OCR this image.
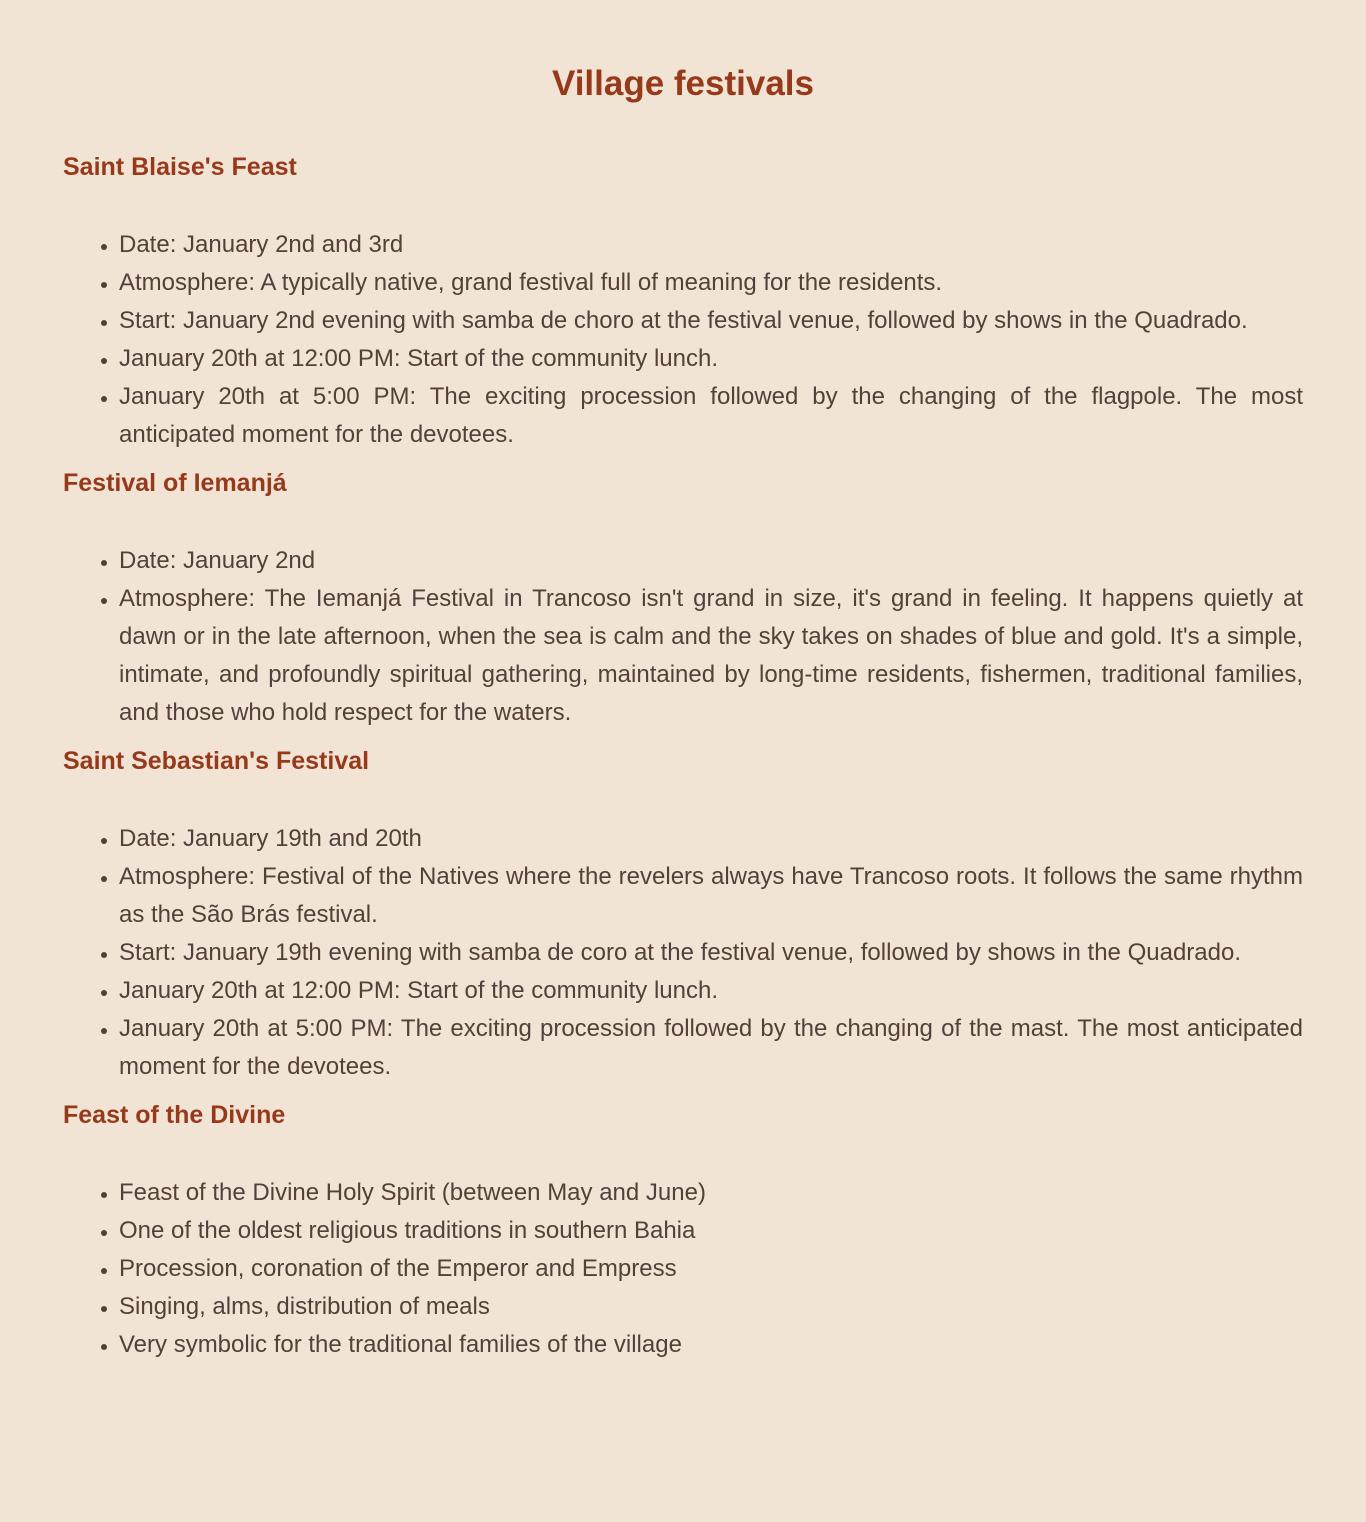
Village festivals
Saint Blaise's Feast
• Date: January 2nd and 3rd
• Atmosphere: A typically native, grand festival full of meaning for the residents.
• Start: January 2nd evening with samba de choro at the festival venue, followed by shows in the Quadrado.
• January 20th at 12:00 PM: Start of the community lunch.
• January 20th at 5:00 PM: The exciting procession followed by the changing of the flagpole. The most anticipated moment for the devotees.
Festival of Iemanjá
• Date: January 2nd
• Atmosphere: The Iemanjá Festival in Trancoso isn't grand in size, it's grand in feeling. It happens quietly at dawn or in the late afternoon, when the sea is calm and the sky takes on shades of blue and gold. It's a simple, intimate, and profoundly spiritual gathering, maintained by long-time residents, fishermen, traditional families, and those who hold respect for the waters.
Saint Sebastian's Festival
• Date: January 19th and 20th
• Atmosphere: Festival of the Natives where the revelers always have Trancoso roots. It follows the same rhythm as the São Brás festival.
• Start: January 19th evening with samba de coro at the festival venue, followed by shows in the Quadrado.
• January 20th at 12:00 PM: Start of the community lunch.
• January 20th at 5:00 PM: The exciting procession followed by the changing of the mast. The most anticipated moment for the devotees.
Feast of the Divine
• Feast of the Divine Holy Spirit (between May and June)
• One of the oldest religious traditions in southern Bahia
• Procession, coronation of the Emperor and Empress
• Singing, alms, distribution of meals
• Very symbolic for the traditional families of the village
